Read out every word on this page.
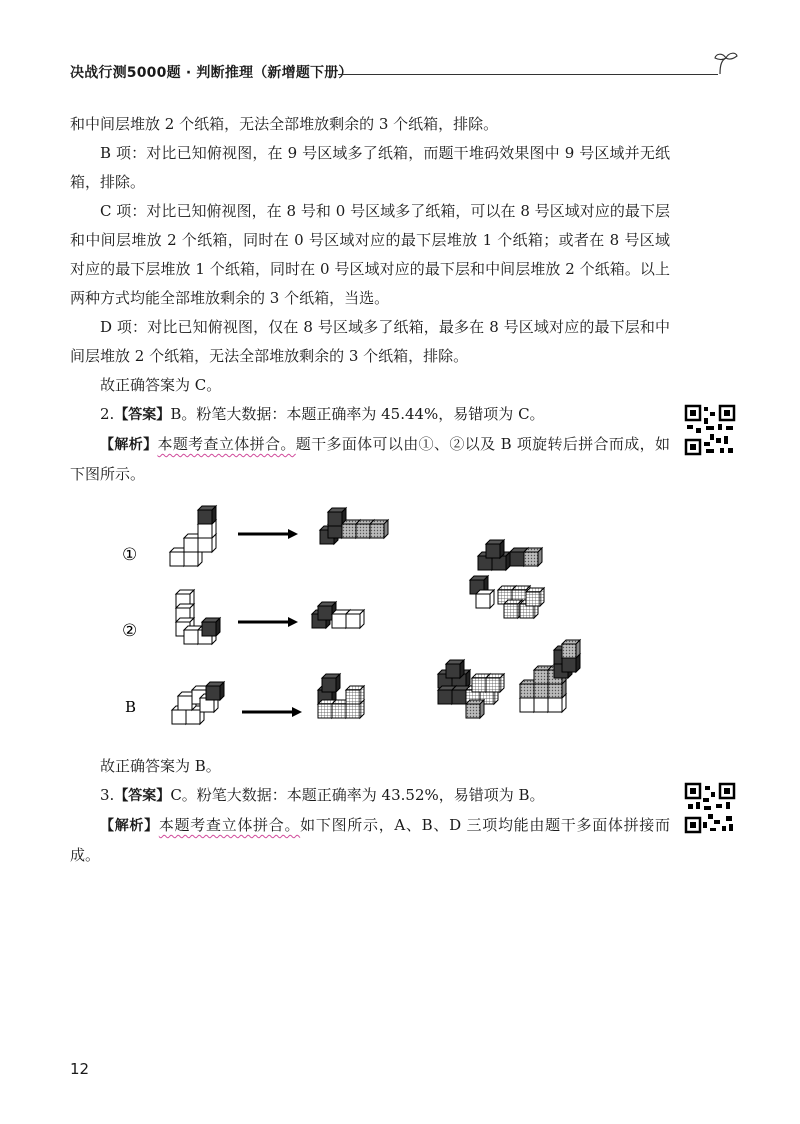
决战行测5000题 · 判断推理（新增题下册）

和中间层堆放 2 个纸箱，无法全部堆放剩余的 3 个纸箱，排除。

B 项：对比已知俯视图，在 9 号区域多了纸箱，而题干堆码效果图中 9 号区域并无纸箱，排除。

C 项：对比已知俯视图，在 8 号和 0 号区域多了纸箱，可以在 8 号区域对应的最下层和中间层堆放 2 个纸箱，同时在 0 号区域对应的最下层堆放 1 个纸箱；或者在 8 号区域对应的最下层堆放 1 个纸箱，同时在 0 号区域对应的最下层和中间层堆放 2 个纸箱。以上两种方式均能全部堆放剩余的 3 个纸箱，当选。

D 项：对比已知俯视图，仅在 8 号区域多了纸箱，最多在 8 号区域对应的最下层和中间层堆放 2 个纸箱，无法全部堆放剩余的 3 个纸箱，排除。

故正确答案为 C。

2.【答案】B。粉笔大数据：本题正确率为 45.44%，易错项为 C。

【解析】本题考查立体拼合。题干多面体可以由①、②以及 B 项旋转后拼合而成，如下图所示。

①
②
B

故正确答案为 B。

3.【答案】C。粉笔大数据：本题正确率为 43.52%，易错项为 B。

【解析】本题考查立体拼合。如下图所示，A、B、D 三项均能由题干多面体拼接而成。

12
